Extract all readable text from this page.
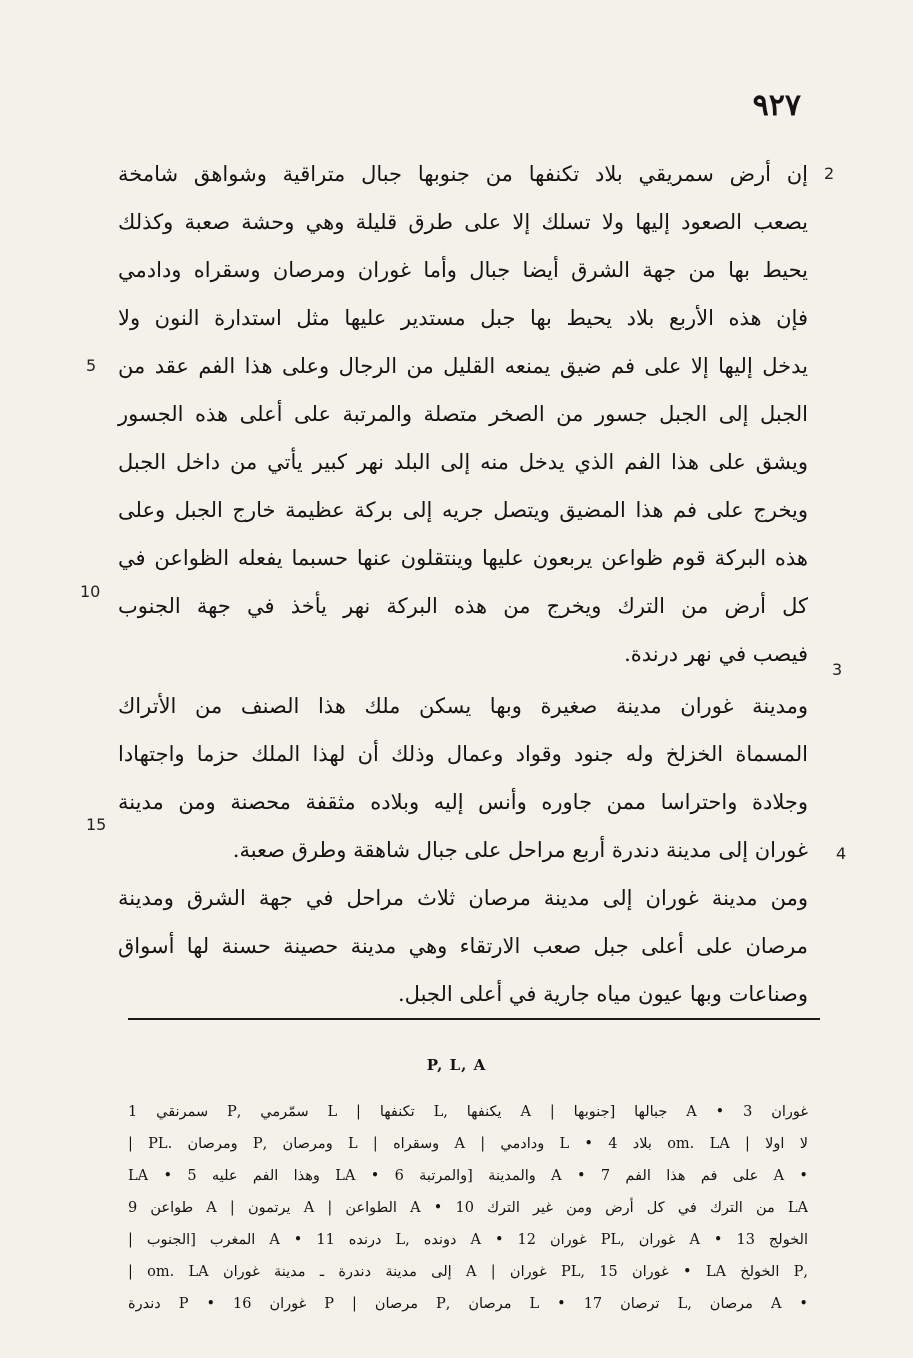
٩٢٧
إن أرض سمريقي بلاد تكنفها من جنوبها جبال متراقية وشواهق شامخة
يصعب الصعود إليها ولا تسلك إلا على طرق قليلة وهي وحشة صعبة وكذلك
يحيط بها من جهة الشرق أيضا جبال وأما غوران ومرصان وسقراه ودادمي
فإن هذه الأربع بلاد يحيط بها جبل مستدير عليها مثل استدارة النون ولا
يدخل إليها إلا على فم ضيق يمنعه القليل من الرجال وعلى هذا الفم عقد من
الجبل إلى الجبل جسور من الصخر متصلة والمرتبة على أعلى هذه الجسور
ويشق على هذا الفم الذي يدخل منه إلى البلد نهر كبير يأتي من داخل الجبل
ويخرج على فم هذا المضيق ويتصل جريه إلى بركة عظيمة خارج الجبل وعلى
هذه البركة قوم ظواعن يربعون عليها وينتقلون عنها حسبما يفعله الظواعن في
كل أرض من الترك ويخرج من هذه البركة نهر يأخذ في جهة الجنوب
فيصب في نهر درندة.
ومدينة غوران مدينة صغيرة وبها يسكن ملك هذا الصنف من الأتراك
المسماة الخزلخ وله جنود وقواد وعمال وذلك أن لهذا الملك حزما واجتهادا
وجلادة واحتراسا ممن جاوره وأنس إليه وبلاده مثقفة محصنة ومن مدينة
غوران إلى مدينة دندرة أربع مراحل على جبال شاهقة وطرق صعبة.
ومن مدينة غوران إلى مدينة مرصان ثلاث مراحل في جهة الشرق ومدينة
مرصان على أعلى جبل صعب الارتقاء وهي مدينة حصينة حسنة لها أسواق
وصناعات وبها عيون مياه جارية في أعلى الجبل.
2
3
4
5
10
15
P, L, A
غوران 3 • A جبالها [جنوبها | A يكنفها ,L تكنفها | L سمّرمي ,P سمرنقي 1
لا اولا | om. LA بلاد 4 • L ودادمي | A وسقراه | L ومرصان ,P ومرصان .PL |
• A على فم هذا الفم 7 • A والمدينة [والمرتبة 6 • LA وهذا الفم عليه 5 • LA
LA من الترك في كل أرض ومن غير الترك 10 • A الطواعن | A يرتمون | A طواعن 9
الخولج 13 • A غوران ,PL غوران 12 • A دونده ,L درنده 11 • A المغرب [الجنوب |
,P الخولخ LA • غوران 15 ,PL غوران | A إلى مدينة دندرة ـ مدينة غوران om. LA |
• A مرصان ,L ترصان 17 • L مرصان ,P مرصان | P غوران 16 • P دندرة
